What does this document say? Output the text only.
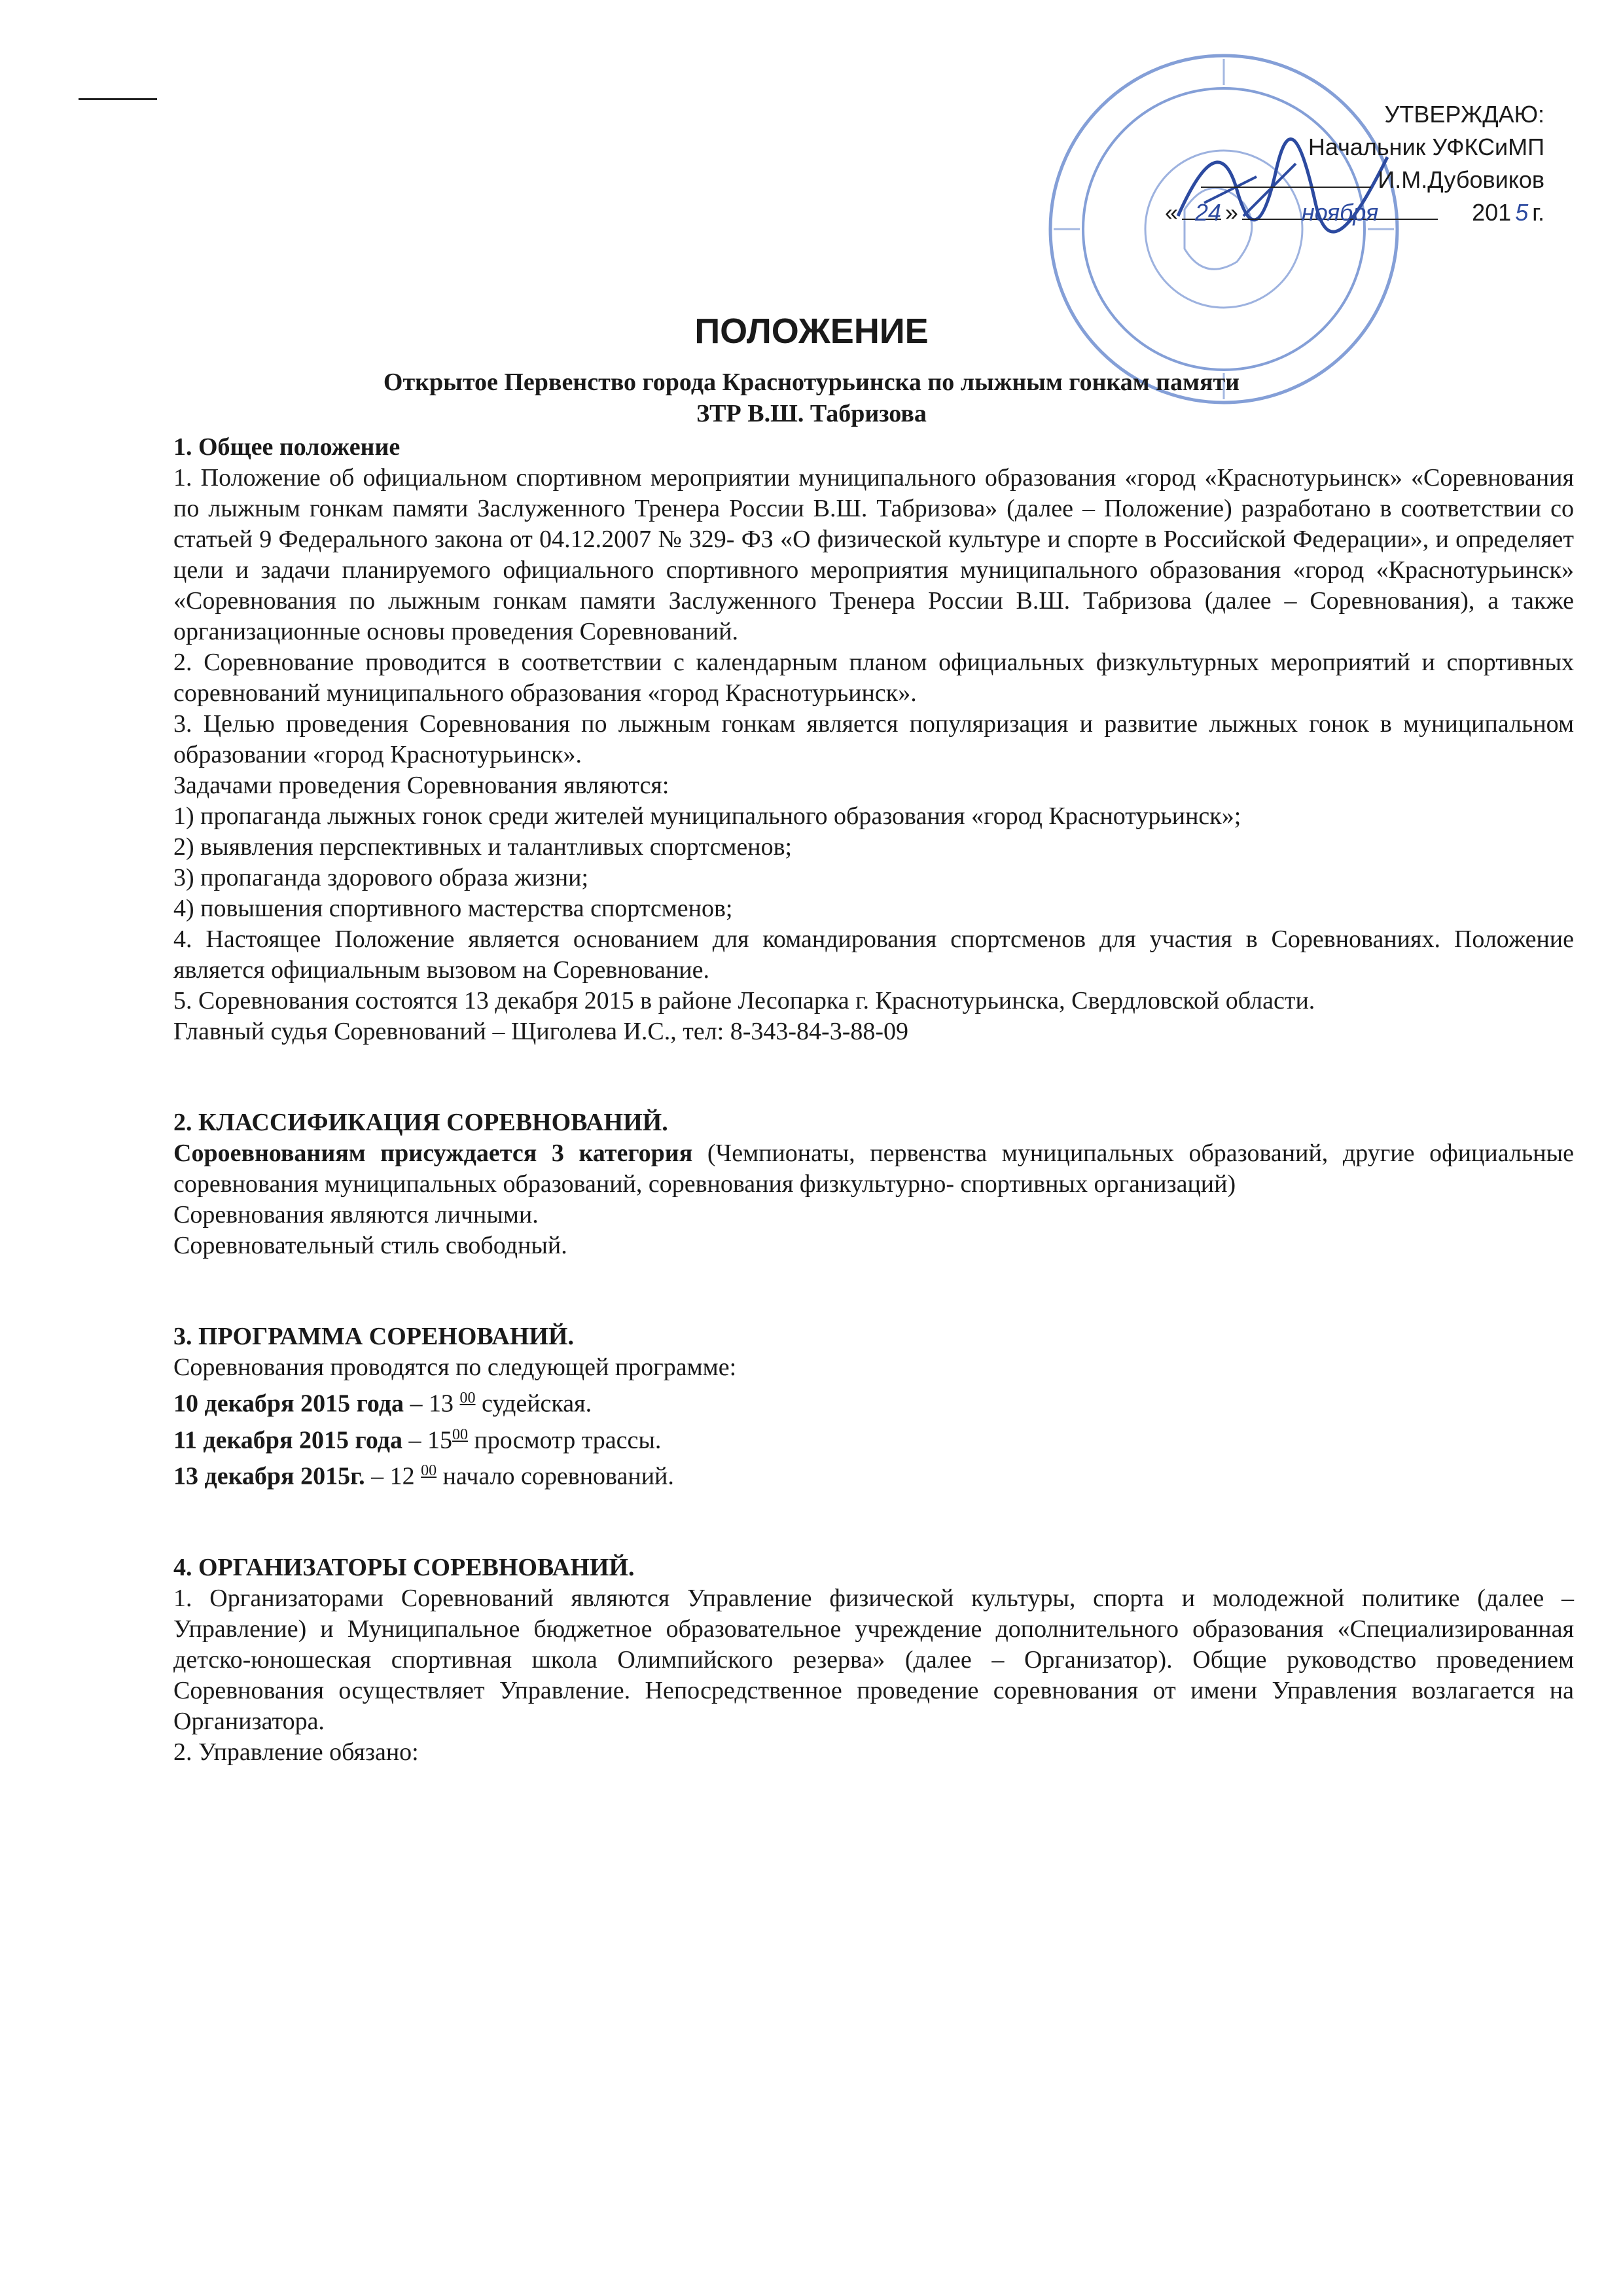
УТВЕРЖДАЮ:
Начальник УФКСиМП
И.М.Дубовиков
« 24 »	ноября	201 5 г.
ПОЛОЖЕНИЕ
Открытое Первенство города Краснотурьинска по лыжным гонкам памяти
ЗТР В.Ш. Табризова

1. Общее положение

1. Положение об официальном спортивном мероприятии муниципального образования «город «Краснотурьинск» «Соревнования по лыжным гонкам памяти Заслуженного Тренера России В.Ш. Табризова» (далее – Положение) разработано в соответствии со статьей 9 Федерального закона от 04.12.2007 № 329- ФЗ «О физической культуре и спорте в Российской Федерации», и определяет цели и задачи планируемого официального спортивного мероприятия муниципального образования «город «Краснотурьинск» «Соревнования по лыжным гонкам памяти Заслуженного Тренера России В.Ш. Табризова (далее – Соревнования), а также организационные основы проведения Соревнований.

2. Соревнование проводится в соответствии с календарным планом официальных физкультурных мероприятий и спортивных соревнований муниципального образования «город Краснотурьинск».

3. Целью проведения Соревнования по лыжным гонкам является популяризация и развитие лыжных гонок в муниципальном образовании «город Краснотурьинск».

Задачами проведения Соревнования являются:

1) пропаганда лыжных гонок среди жителей муниципального образования «город Краснотурьинск»;

2) выявления перспективных и талантливых спортсменов;

3) пропаганда здорового образа жизни;

4) повышения спортивного мастерства спортсменов;

4. Настоящее Положение является основанием для командирования спортсменов для участия в Соревнованиях. Положение является официальным вызовом на Соревнование.

5. Соревнования состоятся 13 декабря 2015 в районе Лесопарка г. Краснотурьинска, Свердловской области.

Главный судья Соревнований – Щиголева И.С., тел: 8-343-84-3-88-09

2. КЛАССИФИКАЦИЯ СОРЕВНОВАНИЙ.

Сороевнованиям присуждается 3 категория (Чемпионаты, первенства муниципальных образований, другие официальные соревнования муниципальных образований, соревнования физкультурно- спортивных организаций)

Соревнования являются личными.

Соревновательный стиль свободный.

3. ПРОГРАММА СОРЕНОВАНИЙ.

Соревнования проводятся по следующей программе:

10 декабря 2015 года – 13 $^{00}$ судейская.

11 декабря 2015 года – $15^{00}$ просмотр трассы.

13 декабря 2015г. – 12 $^{00}$ начало соревнований.

4. ОРГАНИЗАТОРЫ СОРЕВНОВАНИЙ.

1. Организаторами Соревнований являются Управление физической культуры, спорта и молодежной политике (далее – Управление) и Муниципальное бюджетное образовательное учреждение дополнительного образования «Специализированная детско-юношеская спортивная школа Олимпийского резерва» (далее – Организатор). Общие руководство проведением Соревнования осуществляет Управление. Непосредственное проведение соревнования от имени Управления возлагается на Организатора.

2. Управление обязано:
